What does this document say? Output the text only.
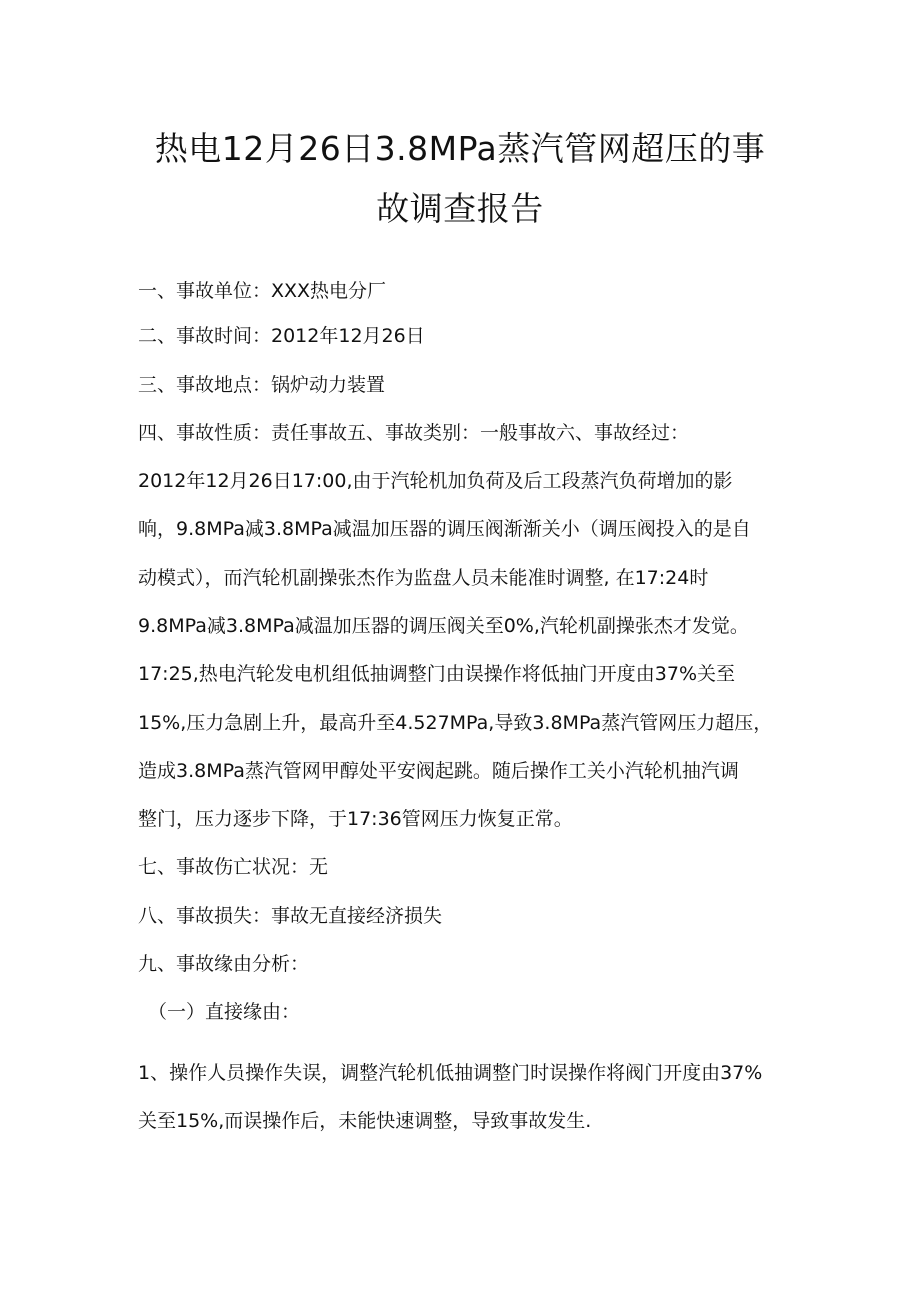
热电12月26日3.8MPa蒸汽管网超压的事
故调查报告

一、事故单位：XXX热电分厂

二、事故时间：2012年12月26日

三、事故地点：锅炉动力装置

四、事故性质：责任事故五、事故类别：一般事故六、事故经过：

2012年12月26日17:00,由于汽轮机加负荷及后工段蒸汽负荷增加的影

响，9.8MPa减3.8MPa减温加压器的调压阀渐渐关小（调压阀投入的是自

动模式），而汽轮机副操张杰作为监盘人员未能准时调整, 在17:24时

9.8MPa减3.8MPa减温加压器的调压阀关至0%,汽轮机副操张杰才发觉。

17:25,热电汽轮发电机组低抽调整门由误操作将低抽门开度由37%关至

15%,压力急剧上升，最高升至4.527MPa,导致3.8MPa蒸汽管网压力超压，

造成3.8MPa蒸汽管网甲醇处平安阀起跳。随后操作工关小汽轮机抽汽调

整门，压力逐步下降，于17:36管网压力恢复正常。

七、事故伤亡状况：无

八、事故损失：事故无直接经济损失

九、事故缘由分析：

（一）直接缘由：

1、操作人员操作失误，调整汽轮机低抽调整门时误操作将阀门开度由37%

关至15%,而误操作后，未能快速调整，导致事故发生.
